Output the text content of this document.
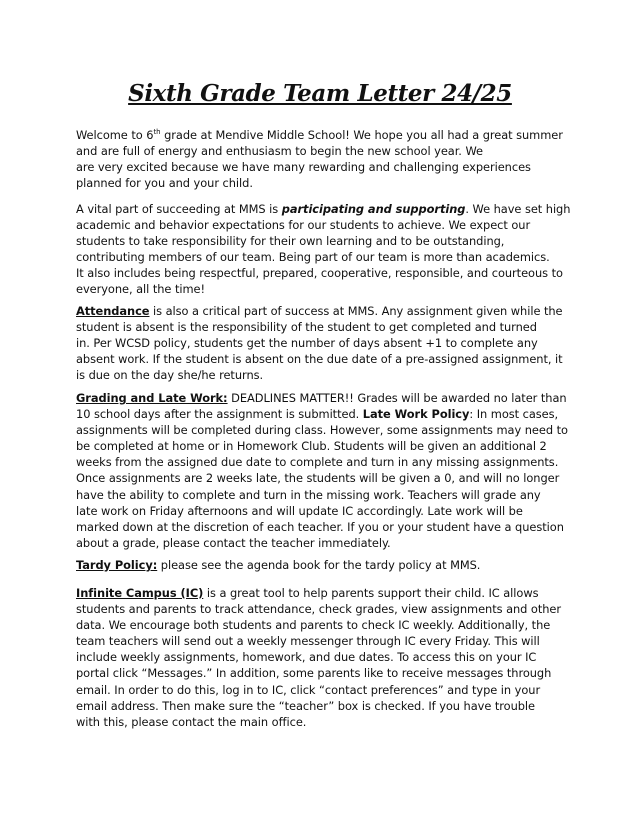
Sixth Grade Team Letter 24/25
Welcome to 6th grade at Mendive Middle School! We hope you all had a great summer
and are full of energy and enthusiasm to begin the new school year. We
are very excited because we have many rewarding and challenging experiences
planned for you and your child.
A vital part of succeeding at MMS is participating and supporting. We have set high
academic and behavior expectations for our students to achieve. We expect our
students to take responsibility for their own learning and to be outstanding,
contributing members of our team. Being part of our team is more than academics.
It also includes being respectful, prepared, cooperative, responsible, and courteous to
everyone, all the time!
Attendance is also a critical part of success at MMS. Any assignment given while the
student is absent is the responsibility of the student to get completed and turned
in. Per WCSD policy, students get the number of days absent +1 to complete any
absent work. If the student is absent on the due date of a pre-assigned assignment, it
is due on the day she/he returns.
Grading and Late Work: DEADLINES MATTER!! Grades will be awarded no later than
10 school days after the assignment is submitted. Late Work Policy: In most cases,
assignments will be completed during class. However, some assignments may need to
be completed at home or in Homework Club. Students will be given an additional 2
weeks from the assigned due date to complete and turn in any missing assignments.
Once assignments are 2 weeks late, the students will be given a 0, and will no longer
have the ability to complete and turn in the missing work. Teachers will grade any
late work on Friday afternoons and will update IC accordingly. Late work will be
marked down at the discretion of each teacher. If you or your student have a question
about a grade, please contact the teacher immediately.
Tardy Policy: please see the agenda book for the tardy policy at MMS.
Infinite Campus (IC) is a great tool to help parents support their child. IC allows
students and parents to track attendance, check grades, view assignments and other
data. We encourage both students and parents to check IC weekly. Additionally, the
team teachers will send out a weekly messenger through IC every Friday. This will
include weekly assignments, homework, and due dates. To access this on your IC
portal click “Messages.” In addition, some parents like to receive messages through
email. In order to do this, log in to IC, click “contact preferences” and type in your
email address. Then make sure the “teacher” box is checked. If you have trouble
with this, please contact the main office.
